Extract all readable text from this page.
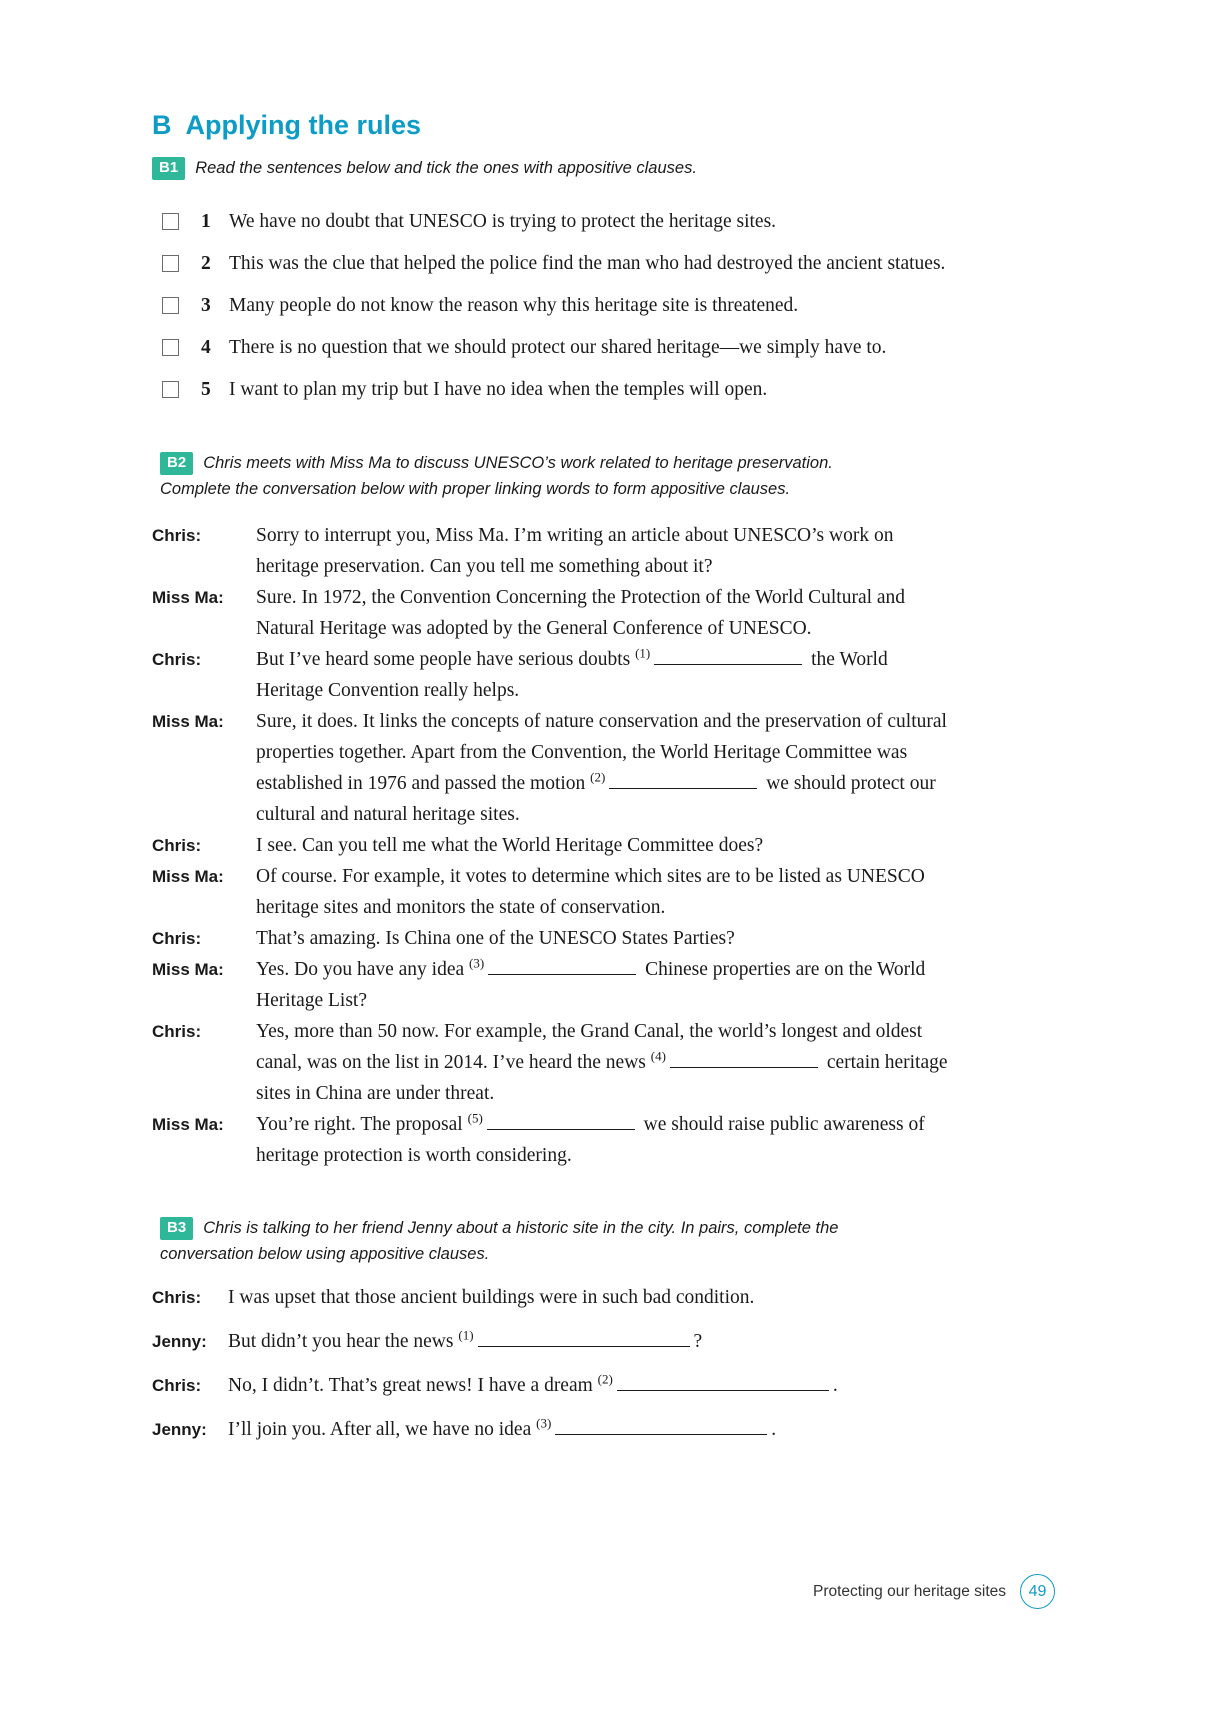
B Applying the rules
B1	Read the sentences below and tick the ones with appositive clauses.
1 We have no doubt that UNESCO is trying to protect the heritage sites.
2 This was the clue that helped the police find the man who had destroyed the ancient statues.
3 Many people do not know the reason why this heritage site is threatened.
4 There is no question that we should protect our shared heritage—we simply have to.
5 I want to plan my trip but I have no idea when the temples will open.
B2	Chris meets with Miss Ma to discuss UNESCO’s work related to heritage preservation.
Complete the conversation below with proper linking words to form appositive clauses.
Chris:	Sorry to interrupt you, Miss Ma. I’m writing an article about UNESCO’s work on heritage preservation. Can you tell me something about it?
Miss Ma:	Sure. In 1972, the Convention Concerning the Protection of the World Cultural and Natural Heritage was adopted by the General Conference of UNESCO.
Chris:	But I’ve heard some people have serious doubts $^{(1)}$	the World Heritage Convention really helps.
Miss Ma:	Sure, it does. It links the concepts of nature conservation and the preservation of cultural properties together. Apart from the Convention, the World Heritage Committee was established in 1976 and passed the motion $^{(2)}$	we should protect our cultural and natural heritage sites.
Chris:	I see. Can you tell me what the World Heritage Committee does?
Miss Ma:	Of course. For example, it votes to determine which sites are to be listed as UNESCO heritage sites and monitors the state of conservation.
Chris:	That’s amazing. Is China one of the UNESCO States Parties?
Miss Ma:	Yes. Do you have any idea $^{(3)}$	Chinese properties are on the World Heritage List?
Chris:	Yes, more than 50 now. For example, the Grand Canal, the world’s longest and oldest canal, was on the list in 2014. I’ve heard the news $^{(4)}$	certain heritage sites in China are under threat.
Miss Ma:	You’re right. The proposal $^{(5)}$	we should raise public awareness of heritage protection is worth considering.
B3	Chris is talking to her friend Jenny about a historic site in the city. In pairs, complete the
conversation below using appositive clauses.
Chris:	I was upset that those ancient buildings were in such bad condition.
Jenny:	But didn’t you hear the news $^{(1)}$	?
Chris:	No, I didn’t. That’s great news! I have a dream $^{(2)}$	.
Jenny:	I’ll join you. After all, we have no idea $^{(3)}$	.
Protecting our heritage sites	49
